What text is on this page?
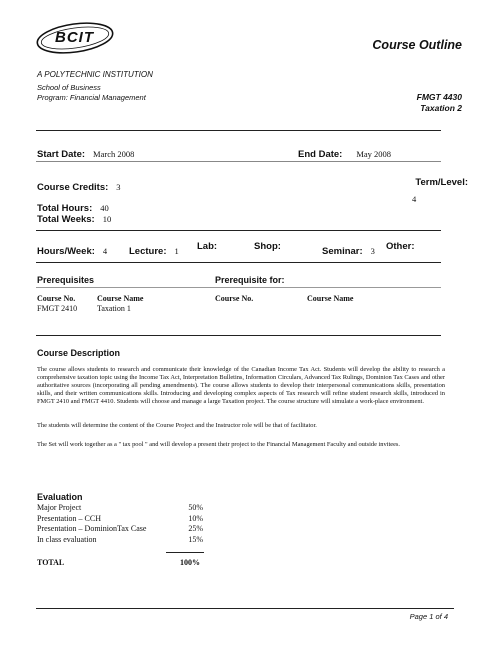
BCIT	Course Outline
A POLYTECHNIC INSTITUTION
School of Business
Program: Financial Management	FMGT 4430
Taxation 2
Start Date: March 2008	End Date: May 2008
Course Credits: 3	Term/Level:
4
Total Hours: 40
Total Weeks: 10
Hours/Week: 4 Lecture: 1 Lab:	Shop:	Seminar: 3 Other:
Prerequisites	Prerequisite for:
Course No.	Course Name
FMGT 2410 Taxation 1
Course No.	Course Name
Course Description
The course allows students to research and communicate their knowledge of the Canadian Income Tax Act. Students will develop the ability to research a comprehensive taxation topic using the Income Tax Act, Interpretation Bulletins, Information Circulars, Advanced Tax Rulings, Dominion Tax Cases and other authoritative sources (incorporating all pending amendments). The course allows students to develop their interpersonal communications skills, presentation skills, and their written communications skills. Introducing and developing complex aspects of Tax research will refine student research skills, introduced in FMGT 2410 and FMGT 4410. Students will choose and manage a large Taxation project. The course structure will simulate a work-place environment.
The students will determine the content of the Course Project and the Instructor role will be that of facilitator.
The Set will work together as a " tax pool " and will develop a present their project to the Financial Management Faculty and outside invitees.
Evaluation
Major Project	50%
Presentation – CCH	10%
Presentation – DominionTax Case	25%
In class evaluation	15%
TOTAL	100%
Page 1 of 4
